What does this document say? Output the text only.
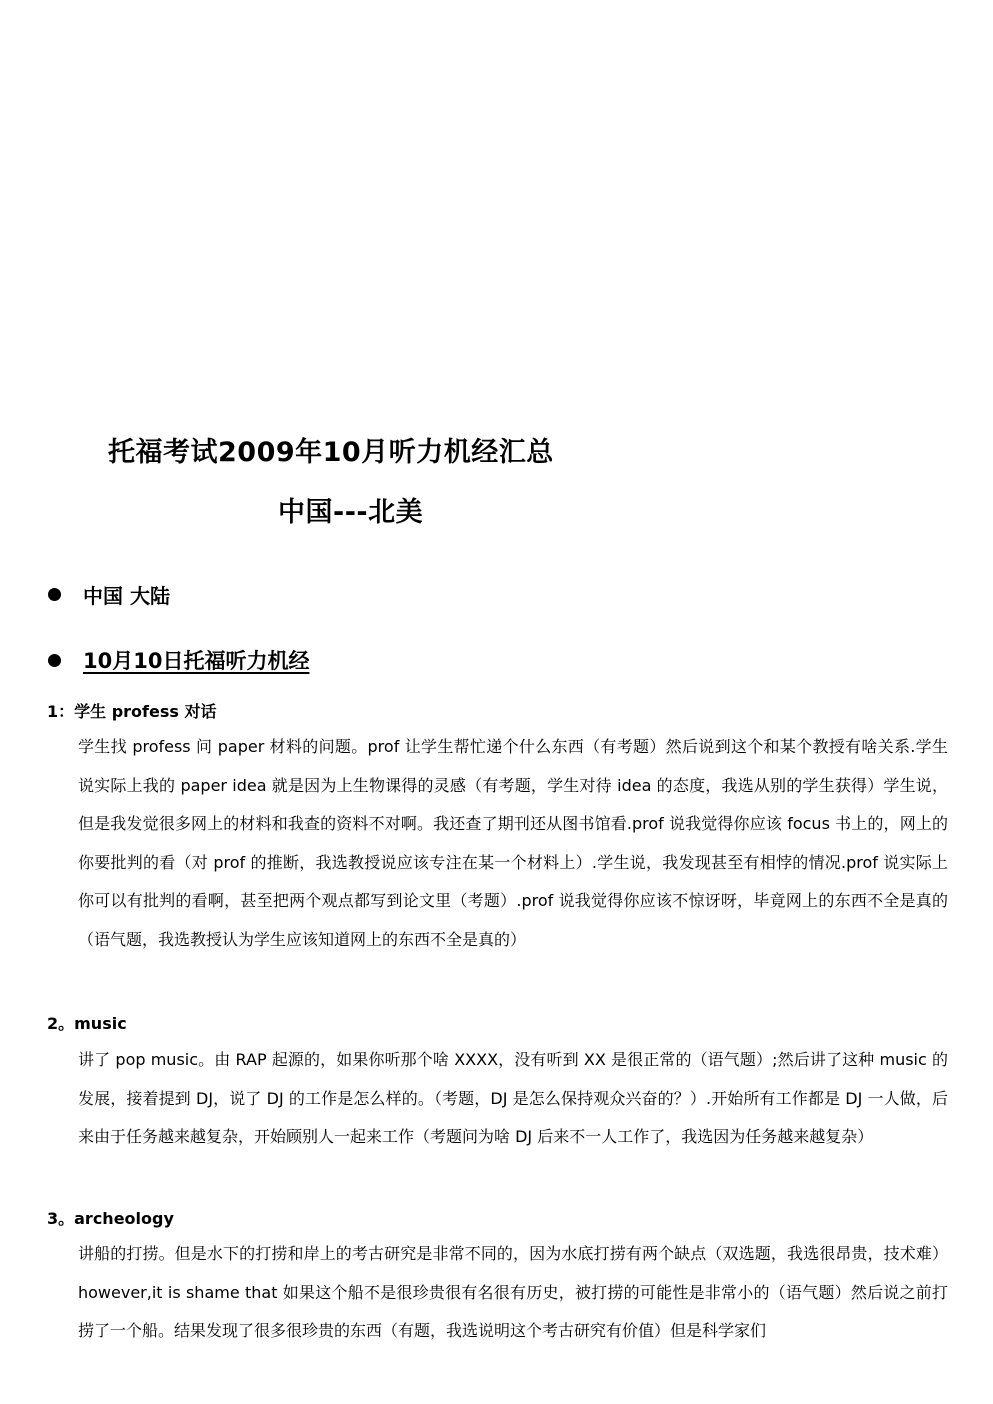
托福考试2009年10月听力机经汇总
中国---北美
中国 大陆
10月10日托福听力机经
1：学生 profess 对话
学生找 profess 问 paper 材料的问题。prof 让学生帮忙递个什么东西（有考题）然后说到这个和某个教授有啥关系.学生说实际上我的 paper idea 就是因为上生物课得的灵感（有考题，学生对待 idea 的态度，我选从别的学生获得）学生说，但是我发觉很多网上的材料和我查的资料不对啊。我还查了期刊还从图书馆看.prof 说我觉得你应该 focus 书上的，网上的你要批判的看（对 prof 的推断，我选教授说应该专注在某一个材料上）.学生说，我发现甚至有相悖的情况.prof 说实际上你可以有批判的看啊，甚至把两个观点都写到论文里（考题）.prof 说我觉得你应该不惊讶呀，毕竟网上的东西不全是真的（语气题，我选教授认为学生应该知道网上的东西不全是真的）
2。music
讲了 pop music。由 RAP 起源的，如果你听那个啥 XXXX，没有听到 XX 是很正常的（语气题）;然后讲了这种 music 的发展，接着提到 DJ，说了 DJ 的工作是怎么样的。（考题，DJ 是怎么保持观众兴奋的？）.开始所有工作都是 DJ 一人做，后来由于任务越来越复杂，开始顾别人一起来工作（考题问为啥 DJ 后来不一人工作了，我选因为任务越来越复杂）
3。archeology
讲船的打捞。但是水下的打捞和岸上的考古研究是非常不同的，因为水底打捞有两个缺点（双选题，我选很昂贵，技术难）however,it is shame that 如果这个船不是很珍贵很有名很有历史，被打捞的可能性是非常小的（语气题）然后说之前打捞了一个船。结果发现了很多很珍贵的东西（有题，我选说明这个考古研究有价值）但是科学家们
